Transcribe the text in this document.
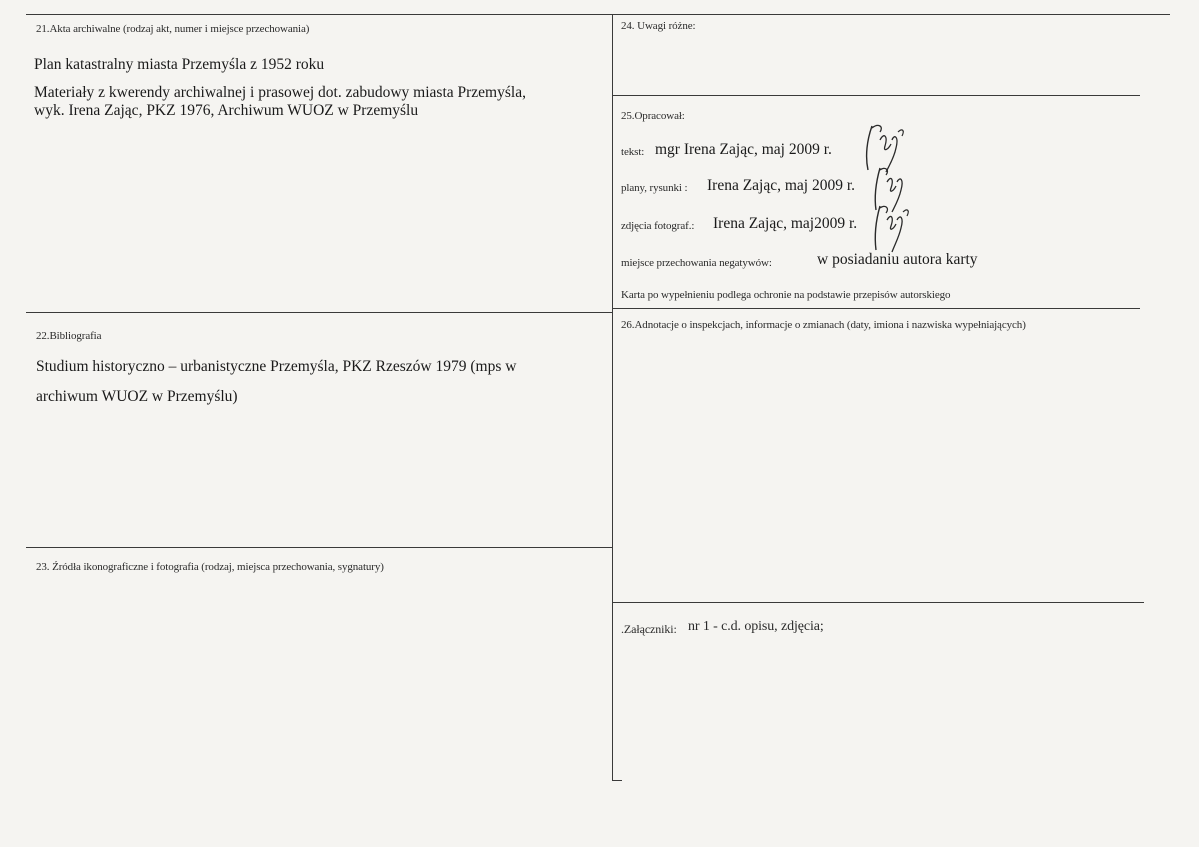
21.Akta archiwalne (rodzaj akt, numer i miejsce przechowania)
Plan katastralny miasta Przemyśla z 1952 roku
Materiały z kwerendy archiwalnej i prasowej dot. zabudowy miasta Przemyśla,
wyk. Irena Zając, PKZ 1976, Archiwum WUOZ w Przemyślu
22.Bibliografia
Studium historyczno – urbanistyczne Przemyśla, PKZ Rzeszów 1979 (mps w
archiwum WUOZ w Przemyślu)
23. Źródła ikonograficzne i fotografia (rodzaj, miejsca przechowania, sygnatury)
24. Uwagi różne:
25.Opracował:
tekst: mgr Irena Zając, maj 2009 r.
plany, rysunki : Irena Zając, maj 2009 r.
zdjęcia fotograf.: Irena Zając, maj2009 r.
miejsce przechowania negatywów:	w posiadaniu autora karty
Karta po wypełnieniu podlega ochronie na podstawie przepisów autorskiego
26.Adnotacje o inspekcjach, informacje o zmianach (daty, imiona i nazwiska wypełniających)
.Załączniki: nr 1 - c.d. opisu, zdjęcia;
